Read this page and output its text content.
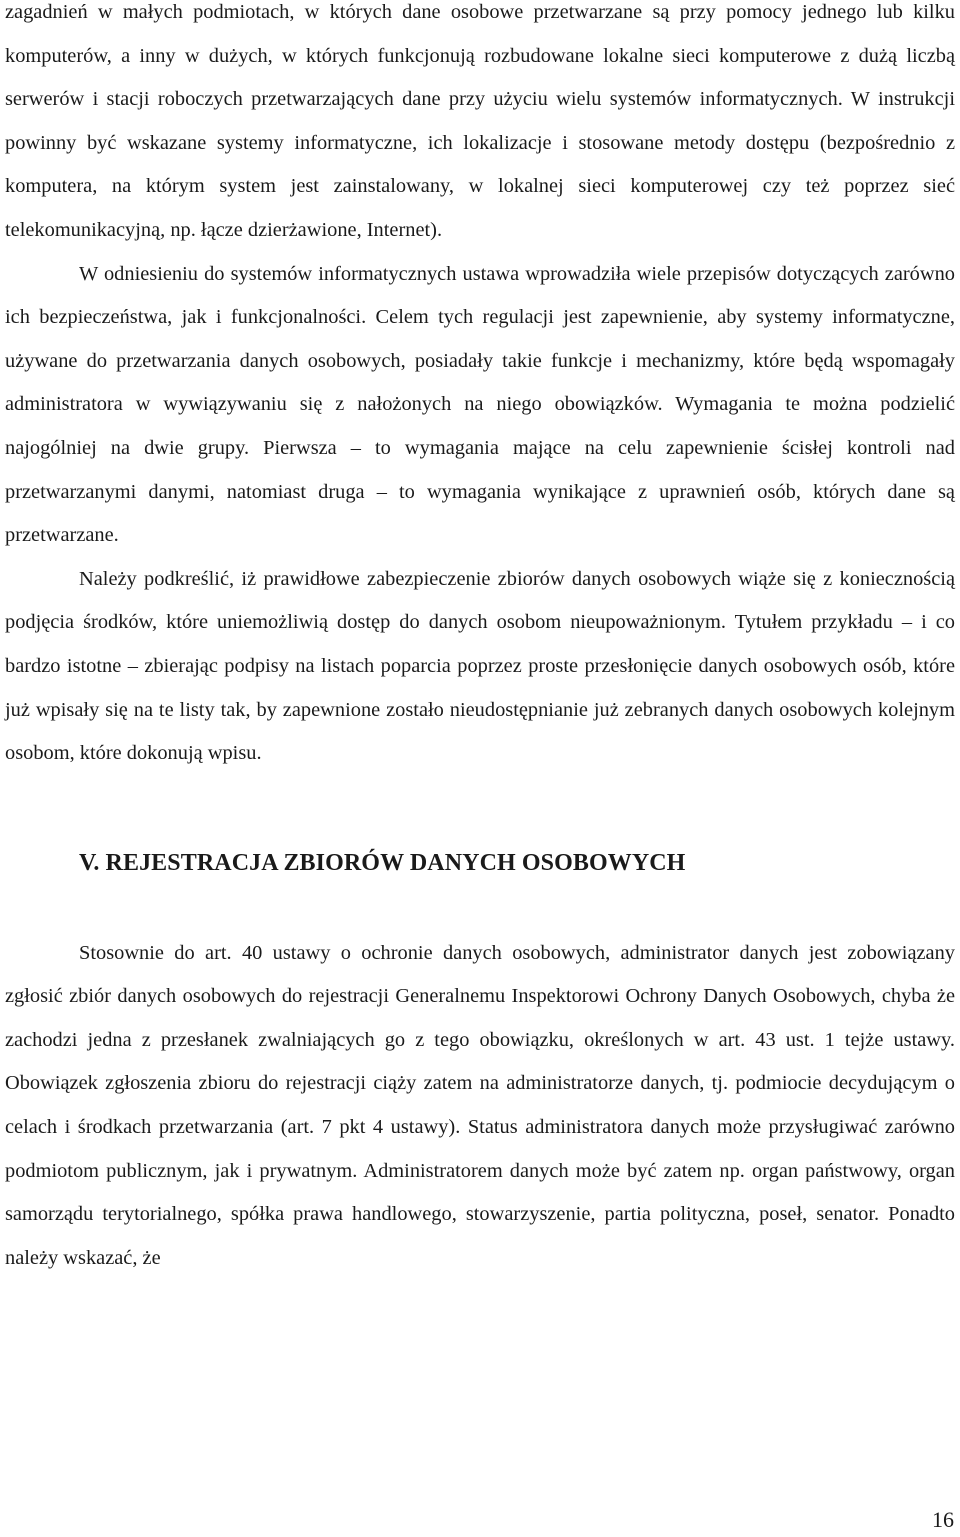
zagadnień w małych podmiotach, w których dane osobowe przetwarzane są przy pomocy jednego lub kilku komputerów, a inny w dużych, w których funkcjonują rozbudowane lokalne sieci komputerowe z dużą liczbą serwerów i stacji roboczych przetwarzających dane przy użyciu wielu systemów informatycznych. W instrukcji powinny być wskazane systemy informatyczne, ich lokalizacje i stosowane metody dostępu (bezpośrednio z komputera, na którym system jest zainstalowany, w lokalnej sieci komputerowej czy też poprzez sieć telekomunikacyjną, np. łącze dzierżawione, Internet).

W odniesieniu do systemów informatycznych ustawa wprowadziła wiele przepisów dotyczących zarówno ich bezpieczeństwa, jak i funkcjonalności. Celem tych regulacji jest zapewnienie, aby systemy informatyczne, używane do przetwarzania danych osobowych, posiadały takie funkcje i mechanizmy, które będą wspomagały administratora w wywiązywaniu się z nałożonych na niego obowiązków. Wymagania te można podzielić najogólniej na dwie grupy. Pierwsza – to wymagania mające na celu zapewnienie ścisłej kontroli nad przetwarzanymi danymi, natomiast druga – to wymagania wynikające z uprawnień osób, których dane są przetwarzane.

Należy podkreślić, iż prawidłowe zabezpieczenie zbiorów danych osobowych wiąże się z koniecznością podjęcia środków, które uniemożliwią dostęp do danych osobom nieupoważnionym. Tytułem przykładu – i co bardzo istotne – zbierając podpisy na listach poparcia poprzez proste przesłonięcie danych osobowych osób, które już wpisały się na te listy tak, by zapewnione zostało nieudostępnianie już zebranych danych osobowych kolejnym osobom, które dokonują wpisu.

V. REJESTRACJA ZBIORÓW DANYCH OSOBOWYCH

Stosownie do art. 40 ustawy o ochronie danych osobowych, administrator danych jest zobowiązany zgłosić zbiór danych osobowych do rejestracji Generalnemu Inspektorowi Ochrony Danych Osobowych, chyba że zachodzi jedna z przesłanek zwalniających go z tego obowiązku, określonych w art. 43 ust. 1 tejże ustawy. Obowiązek zgłoszenia zbioru do rejestracji ciąży zatem na administratorze danych, tj. podmiocie decydującym o celach i środkach przetwarzania (art. 7 pkt 4 ustawy). Status administratora danych może przysługiwać zarówno podmiotom publicznym, jak i prywatnym. Administratorem danych może być zatem np. organ państwowy, organ samorządu terytorialnego, spółka prawa handlowego, stowarzyszenie, partia polityczna, poseł, senator. Ponadto należy wskazać, że

16
